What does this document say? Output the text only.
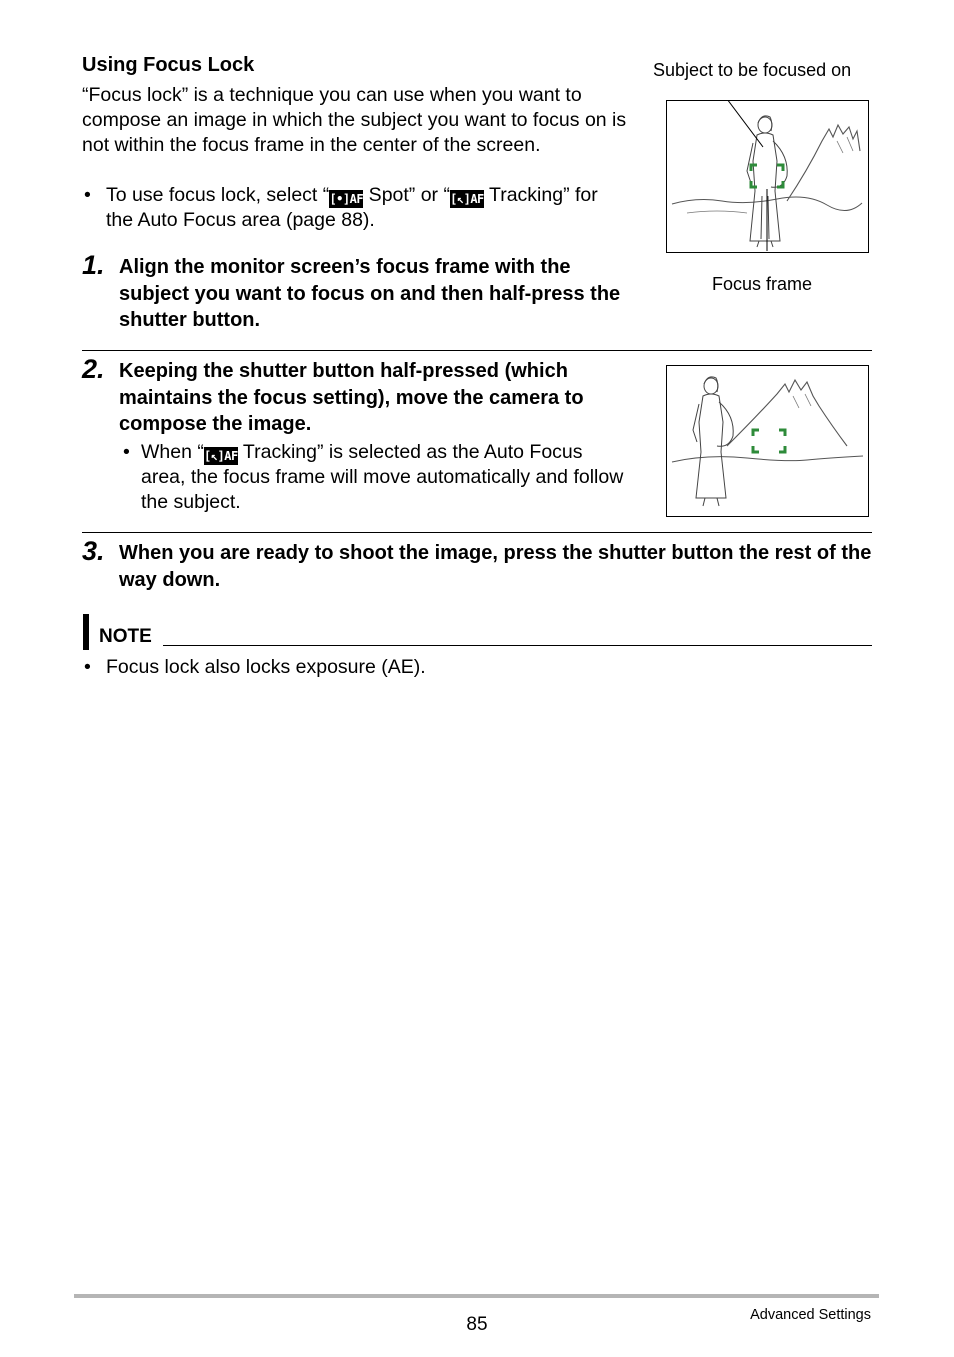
Using Focus Lock
“Focus lock” is a technique you can use when you want to compose an image in which the subject you want to focus on is not within the focus frame in the center of the screen.
• To use focus lock, select “[•]AF Spot” or “[↖]AF Tracking” for the Auto Focus area (page 88).
1. Align the monitor screen’s focus frame with the subject you want to focus on and then half-press the shutter button.
Subject to be focused on
Focus frame
2. Keeping the shutter button half-pressed (which maintains the focus setting), move the camera to compose the image.
• When “[↖]AF Tracking” is selected as the Auto Focus area, the focus frame will move automatically and follow the subject.
3. When you are ready to shoot the image, press the shutter button the rest of the way down.
NOTE
• Focus lock also locks exposure (AE).
85	Advanced Settings
